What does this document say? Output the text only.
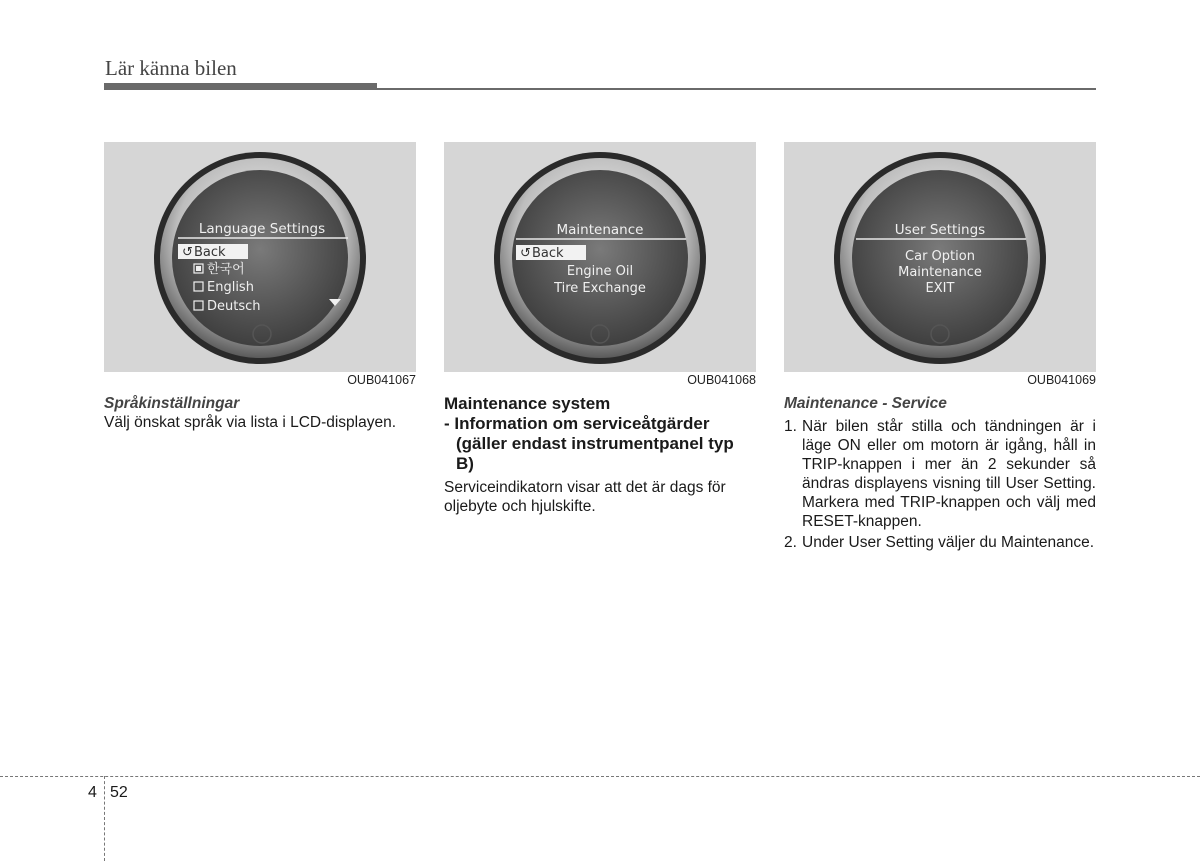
Lär känna bilen
Language Settings
↺ Back
한국어
English
Deutsch
OUB041067
Maintenance
↺ Back
Engine Oil
Tire Exchange
OUB041068
User Settings
Car Option
Maintenance
EXIT
OUB041069
Språkinställningar
Välj önskat språk via lista i LCD-displayen.
Maintenance system
- Information om serviceåtgärder (gäller endast instrumentpanel typ B)
Serviceindikatorn visar att det är dags för oljebyte och hjulskifte.
Maintenance - Service
1. När bilen står stilla och tändningen är i läge ON eller om motorn är igång, håll in TRIP-knappen i mer än 2 sekunder så ändras displayens visning till User Setting. Markera med TRIP-knappen och välj med RESET-knappen.
2. Under User Setting väljer du Maintenance.
4 52
